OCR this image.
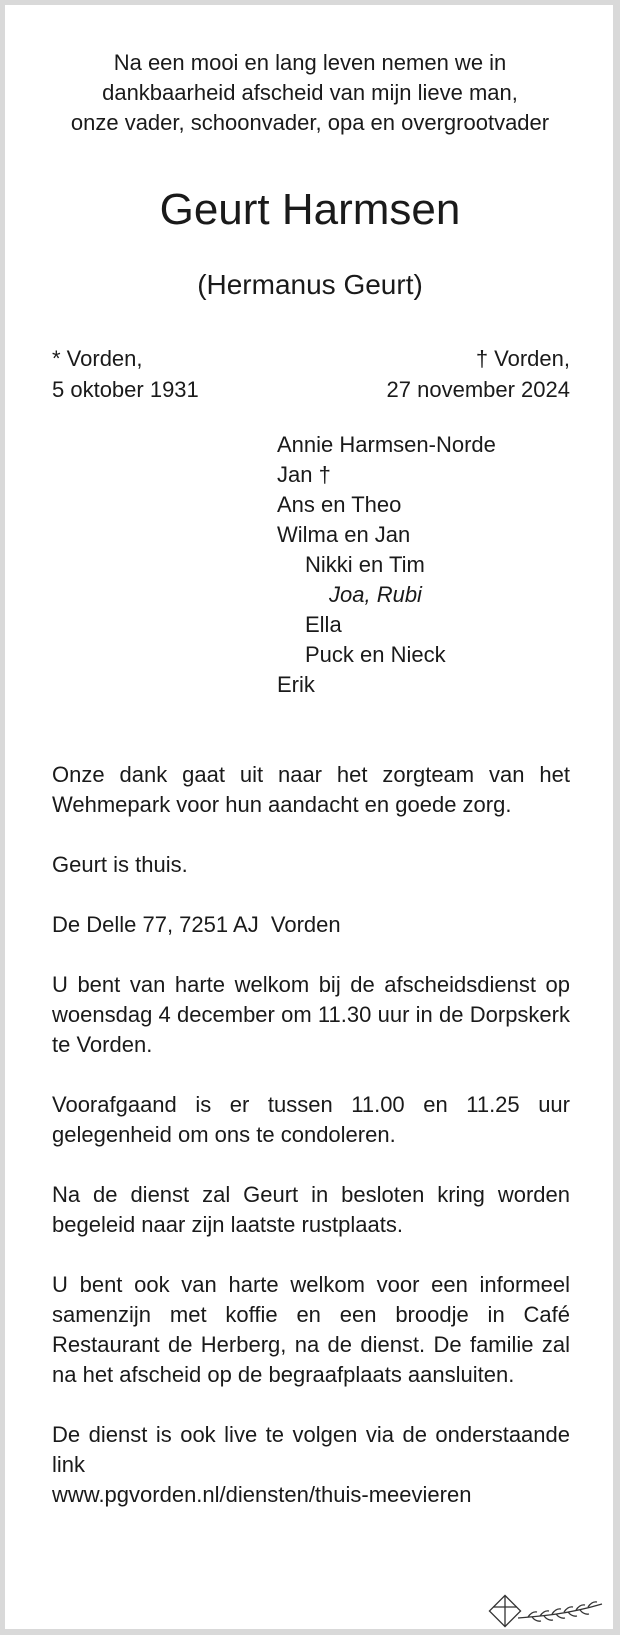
Na een mooi en lang leven nemen we in
dankbaarheid afscheid van mijn lieve man,
onze vader, schoonvader, opa en overgrootvader
Geurt Harmsen
(Hermanus Geurt)
* Vorden,
5 oktober 1931
† Vorden,
27 november 2024
Annie Harmsen-Norde
Jan †
Ans en Theo
Wilma en Jan
Nikki en Tim
Joa, Rubi
Ella
Puck en Nieck
Erik

Onze dank gaat uit naar het zorgteam van het Wehmepark voor hun aandacht en goede zorg.

Geurt is thuis.

De Delle 77, 7251 AJ  Vorden

U bent van harte welkom bij de afscheidsdienst op woensdag 4 december om 11.30 uur in de Dorpskerk te Vorden.

Voorafgaand is er tussen 11.00 en 11.25 uur gelegenheid om ons te condoleren.

Na de dienst zal Geurt in besloten kring worden begeleid naar zijn laatste rustplaats.

U bent ook van harte welkom voor een informeel samenzijn met koffie en een broodje in Café Restaurant de Herberg, na de dienst. De familie zal na het afscheid op de begraafplaats aansluiten.

De dienst is ook live te volgen via de onderstaande link
www.pgvorden.nl/diensten/thuis-meevieren
